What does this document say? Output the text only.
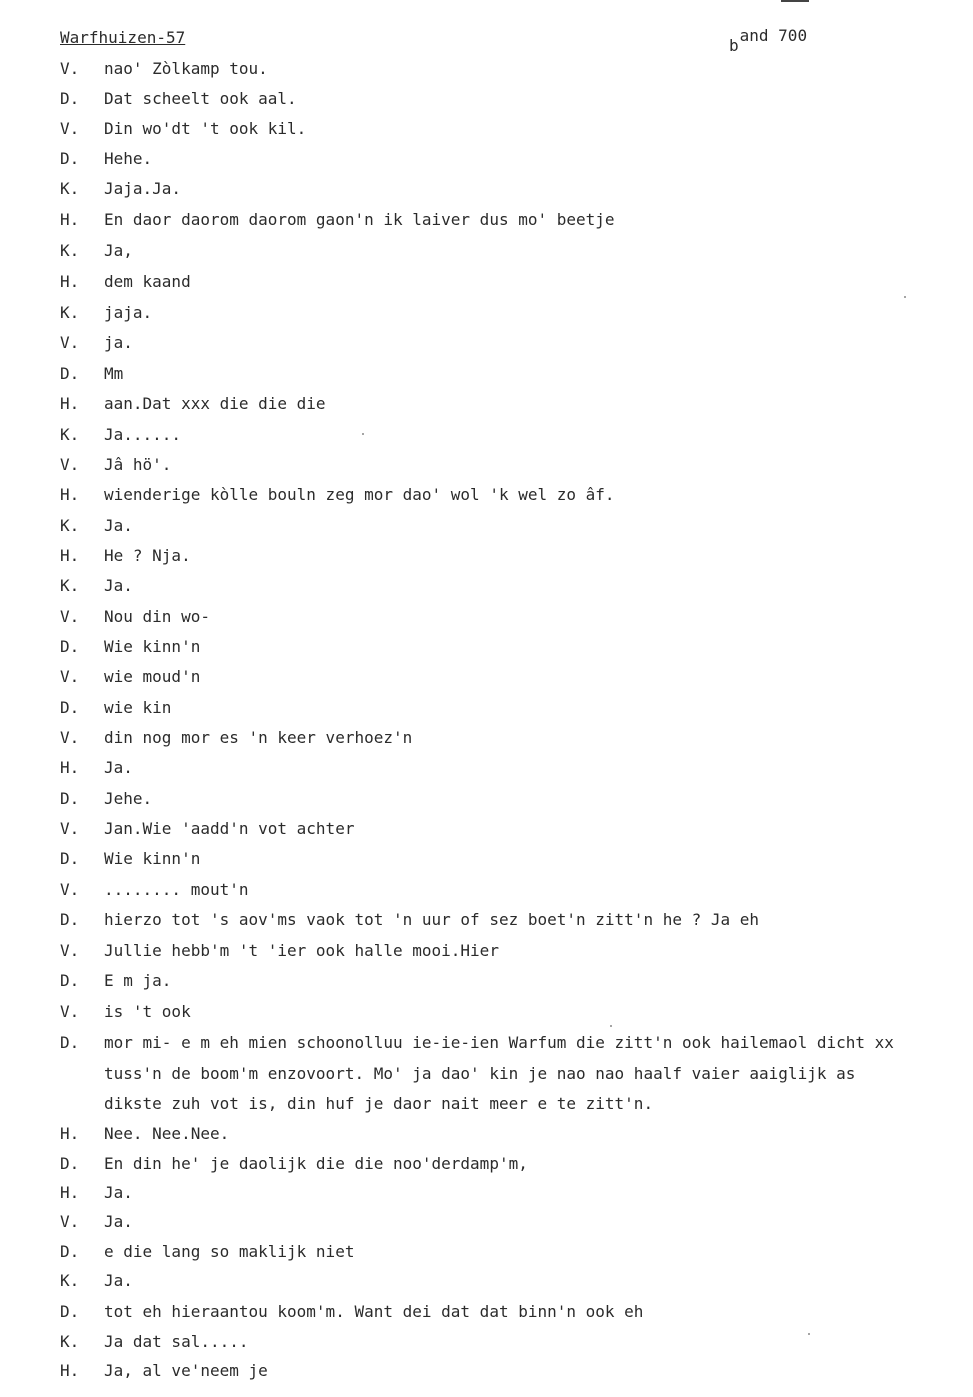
Warfhuizen-57	band 700
V. nao' Zòlkamp tou.
D. Dat scheelt ook aal.
V. Din wo'dt 't ook kil.
D. Hehe.
K. Jaja.Ja.
H. En daor daorom daorom gaon'n ik laiver dus mo' beetje
K. Ja,
H. dem kaand
K. jaja.
V. ja.
D. Mm
H. aan.Dat xxx die die die
K. Ja......
V. Jâ hö'.
H. wienderige kòlle bouln zeg mor dao' wol 'k wel zo âf.
K. Ja.
H. He ? Nja.
K. Ja.
V. Nou din wo-
D. Wie kinn'n
V. wie moud'n
D. wie kin
V. din nog mor es 'n keer verhoez'n
H. Ja.
D. Jehe.
V. Jan.Wie 'aadd'n vot achter
D. Wie kinn'n
V. ........ mout'n
D. hierzo tot 's aov'ms vaok tot 'n uur of sez boet'n zitt'n he ? Ja eh
V. Jullie hebb'm 't 'ier ook halle mooi.Hier
D. E m ja.
V. is 't ook
D. mor mi- e m eh mien schoonolluu ie-ie-ien Warfum die zitt'n ook hailemaol dicht xx
tuss'n de boom'm enzovoort. Mo' ja dao' kin je nao nao haalf vaier aaiglijk as
dikste zuh vot is, din huf je daor nait meer e te zitt'n.
H. Nee. Nee.Nee.
D. En din he' je daolijk die die noo'derdamp'm,
H. Ja.
V. Ja.
D. e die lang so maklijk niet
K. Ja.
D. tot eh hieraantou koom'm. Want dei dat dat binn'n ook eh
K. Ja dat sal.....
H. Ja, al ve'neem je
